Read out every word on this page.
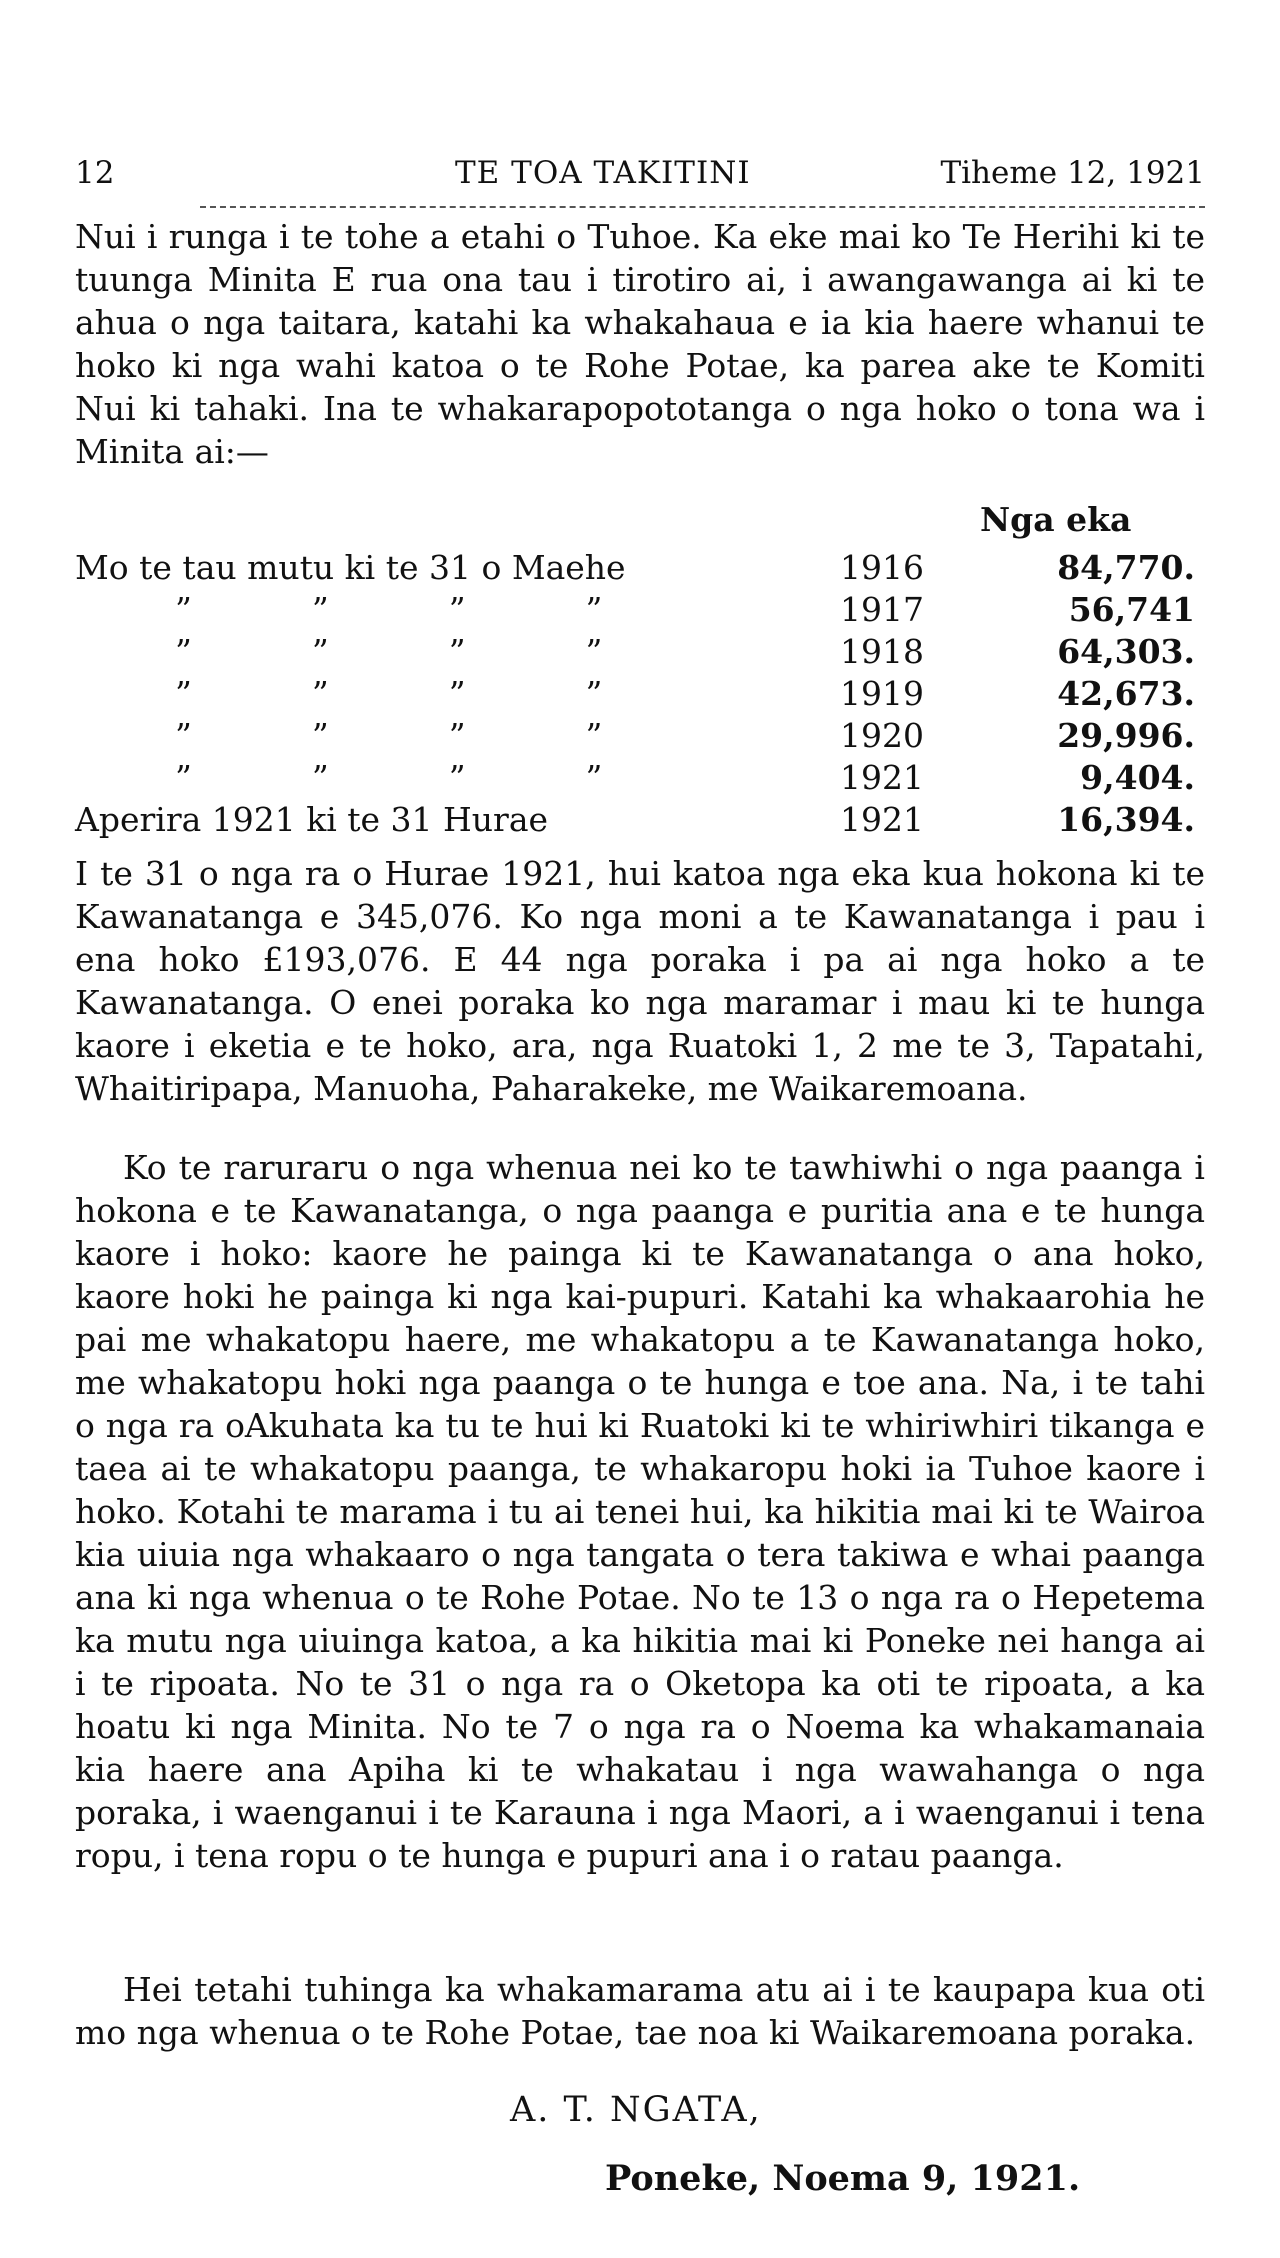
12	TE TOA TAKITINI	Tiheme 12, 1921

Nui i runga i te tohe a etahi o Tuhoe. Ka eke mai ko Te Herihi ki te tuunga Minita E rua ona tau i tirotiro ai, i awangawanga ai ki te ahua o nga taitara, katahi ka whakahaua e ia kia haere whanui te hoko ki nga wahi katoa o te Rohe Potae, ka parea ake te Komiti Nui ki tahaki. Ina te whakarapopototanga o nga hoko o tona wa i Minita ai:—

Nga eka
Mo te tau mutu ki te 31 o Maehe	1916	84,770.
”     ”     ”     ”	1917	56,741
”     ”     ”     ”	1918	64,303.
”     ”     ”     ”	1919	42,673.
”     ”     ”     ”	1920	29,996.
”     ”     ”     ”	1921	9,404.
Aperira 1921 ki te 31 Hurae	1921	16,394.

I te 31 o nga ra o Hurae 1921, hui katoa nga eka kua hokona ki te Kawanatanga e 345,076. Ko nga moni a te Kawanatanga i pau i ena hoko £193,076. E 44 nga poraka i pa ai nga hoko a te Kawanatanga. O enei poraka ko nga maramar i mau ki te hunga kaore i eketia e te hoko, ara, nga Ruatoki 1, 2 me te 3, Tapatahi, Whaitiripapa, Manuoha, Paharakeke, me Waikaremoana.

Ko te raruraru o nga whenua nei ko te tawhiwhi o nga paanga i hokona e te Kawanatanga, o nga paanga e puritia ana e te hunga kaore i hoko: kaore he painga ki te Kawanatanga o ana hoko, kaore hoki he painga ki nga kai-pupuri. Katahi ka whakaarohia he pai me whakatopu haere, me whakatopu a te Kawanatanga hoko, me whakatopu hoki nga paanga o te hunga e toe ana. Na, i te tahi o nga ra oAkuhata ka tu te hui ki Ruatoki ki te whiriwhiri tikanga e taea ai te whakatopu paanga, te whakaropu hoki ia Tuhoe kaore i hoko. Kotahi te marama i tu ai tenei hui, ka hikitia mai ki te Wairoa kia uiuia nga whakaaro o nga tangata o tera takiwa e whai paanga ana ki nga whenua o te Rohe Potae. No te 13 o nga ra o Hepetema ka mutu nga uiuinga katoa, a ka hikitia mai ki Poneke nei hanga ai i te ripoata. No te 31 o nga ra o Oketopa ka oti te ripoata, a ka hoatu ki nga Minita. No te 7 o nga ra o Noema ka whakamanaia kia haere ana Apiha ki te whakatau i nga wawahanga o nga poraka, i waenganui i te Karauna i nga Maori, a i waenganui i tena ropu, i tena ropu o te hunga e pupuri ana i o ratau paanga.

Hei tetahi tuhinga ka whakamarama atu ai i te kaupapa kua oti mo nga whenua o te Rohe Potae, tae noa ki Waikaremoana poraka.

A. T. NGATA,
Poneke, Noema 9, 1921.
